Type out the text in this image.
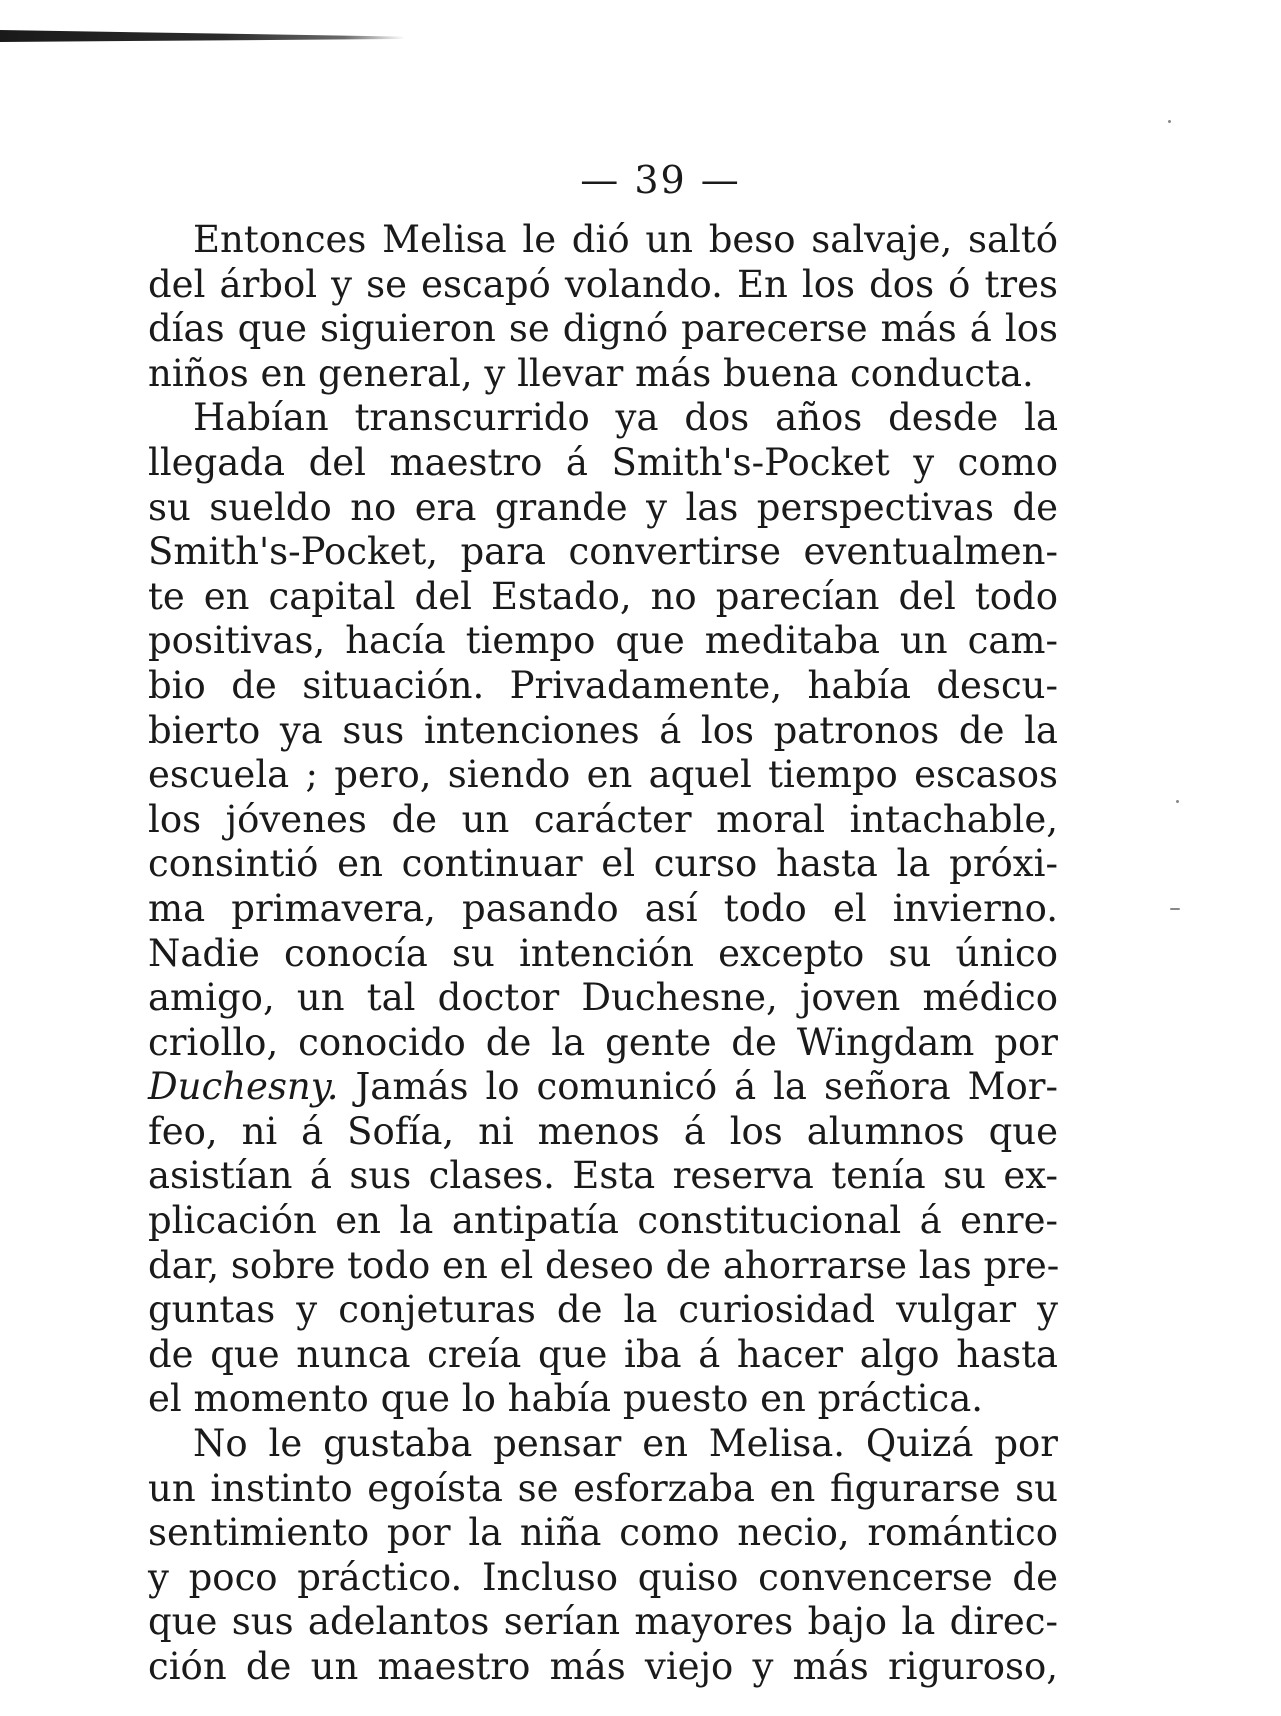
— 39 —
Entonces Melisa le dió un beso salvaje, saltó
del árbol y se escapó volando. En los dos ó tres
días que siguieron se dignó parecerse más á los
niños en general, y llevar más buena conducta.
Habían transcurrido ya dos años desde la
llegada del maestro á Smith's-Pocket y como
su sueldo no era grande y las perspectivas de
Smith's-Pocket, para convertirse eventualmen-
te en capital del Estado, no parecían del todo
positivas, hacía tiempo que meditaba un cam-
bio de situación. Privadamente, había descu-
bierto ya sus intenciones á los patronos de la
escuela ; pero, siendo en aquel tiempo escasos
los jóvenes de un carácter moral intachable,
consintió en continuar el curso hasta la próxi-
ma primavera, pasando así todo el invierno.
Nadie conocía su intención excepto su único
amigo, un tal doctor Duchesne, joven médico
criollo, conocido de la gente de Wingdam por
Duchesny. Jamás lo comunicó á la señora Mor-
feo, ni á Sofía, ni menos á los alumnos que
asistían á sus clases. Esta reserva tenía su ex-
plicación en la antipatía constitucional á enre-
dar, sobre todo en el deseo de ahorrarse las pre-
guntas y conjeturas de la curiosidad vulgar y
de que nunca creía que iba á hacer algo hasta
el momento que lo había puesto en práctica.
No le gustaba pensar en Melisa. Quizá por
un instinto egoísta se esforzaba en figurarse su
sentimiento por la niña como necio, romántico
y poco práctico. Incluso quiso convencerse de
que sus adelantos serían mayores bajo la direc-
ción de un maestro más viejo y más riguroso,
